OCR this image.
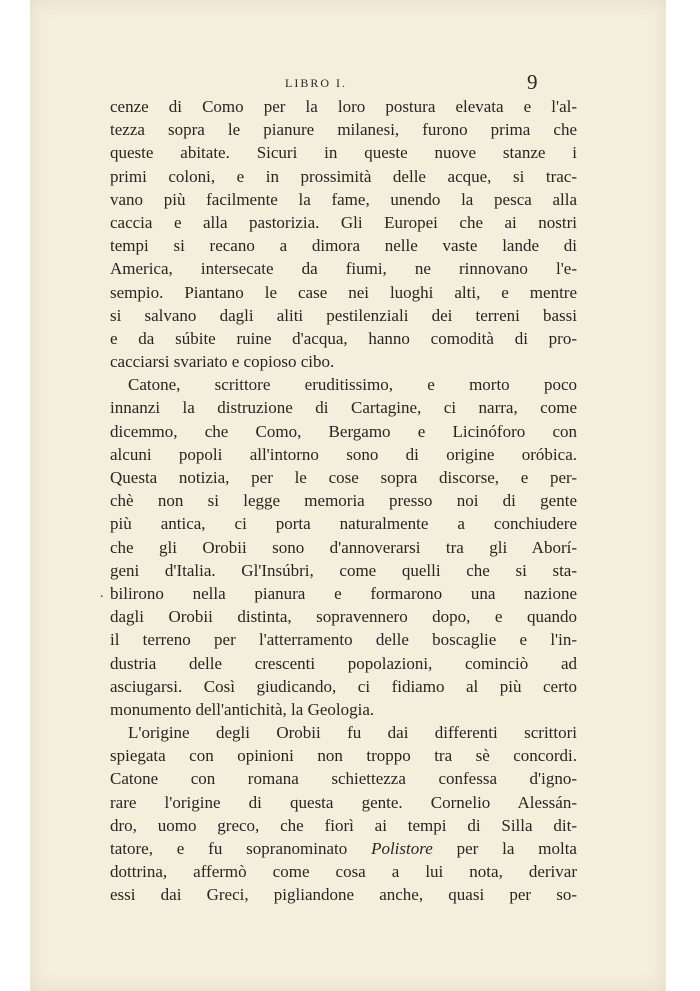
LIBRO I.	9
.
cenze di Como per la loro postura elevata e l'al-
tezza sopra le pianure milanesi, furono prima che
queste abitate. Sicuri in queste nuove stanze i
primi coloni, e in prossimità delle acque, si trac-
vano più facilmente la fame, unendo la pesca alla
caccia e alla pastorizia. Gli Europei che ai nostri
tempi si recano a dimora nelle vaste lande di
America, intersecate da fiumi, ne rinnovano l'e-
sempio. Piantano le case nei luoghi alti, e mentre
si salvano dagli aliti pestilenziali dei terreni bassi
e da súbite ruine d'acqua, hanno comodità di pro-
cacciarsi svariato e copioso cibo.
Catone, scrittore eruditissimo, e morto poco
innanzi la distruzione di Cartagine, ci narra, come
dicemmo, che Como, Bergamo e Licinóforo con
alcuni popoli all'intorno sono di origine oróbica.
Questa notizia, per le cose sopra discorse, e per-
chè non si legge memoria presso noi di gente
più antica, ci porta naturalmente a conchiudere
che gli Orobii sono d'annoverarsi tra gli Aborí-
geni d'Italia. Gl'Insúbri, come quelli che si sta-
bilirono nella pianura e formarono una nazione
dagli Orobii distinta, sopravennero dopo, e quando
il terreno per l'atterramento delle boscaglie e l'in-
dustria delle crescenti popolazioni, cominciò ad
asciugarsi. Così giudicando, ci fidiamo al più certo
monumento dell'antichità, la Geologia.
L'origine degli Orobii fu dai differenti scrittori
spiegata con opinioni non troppo tra sè concordi.
Catone con romana schiettezza confessa d'igno-
rare l'origine di questa gente. Cornelio Alessán-
dro, uomo greco, che fiorì ai tempi di Silla dit-
tatore, e fu sopranominato Polistore per la molta
dottrina, affermò come cosa a lui nota, derivar
essi dai Greci, pigliandone anche, quasi per so-
